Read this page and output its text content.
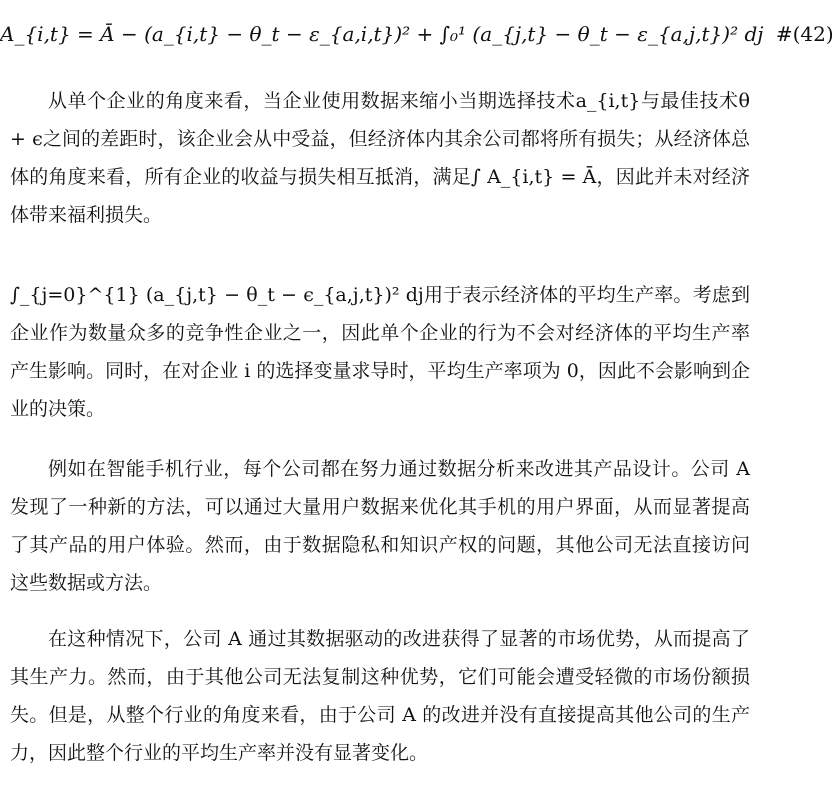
A_{i,t} = Ā − (a_{i,t} − θ_t − ε_{a,i,t})² + ∫₀¹ (a_{j,t} − θ_t − ε_{a,j,t})² dj #(42)

从单个企业的角度来看，当企业使用数据来缩小当期选择技术a_{i,t}与最佳技术θ + ϵ之间的差距时，该企业会从中受益，但经济体内其余公司都将所有损失；从经济体总体的角度来看，所有企业的收益与损失相互抵消，满足∫ A_{i,t} = Ā，因此并未对经济体带来福利损失。

∫_{j=0}^{1} (a_{j,t} − θ_t − ϵ_{a,j,t})² dj用于表示经济体的平均生产率。考虑到企业作为数量众多的竞争性企业之一，因此单个企业的行为不会对经济体的平均生产率产生影响。同时，在对企业 i 的选择变量求导时，平均生产率项为 0，因此不会影响到企业的决策。

例如在智能手机行业，每个公司都在努力通过数据分析来改进其产品设计。公司 A 发现了一种新的方法，可以通过大量用户数据来优化其手机的用户界面，从而显著提高了其产品的用户体验。然而，由于数据隐私和知识产权的问题，其他公司无法直接访问这些数据或方法。

在这种情况下，公司 A 通过其数据驱动的改进获得了显著的市场优势，从而提高了其生产力。然而，由于其他公司无法复制这种优势，它们可能会遭受轻微的市场份额损失。但是，从整个行业的角度来看，由于公司 A 的改进并没有直接提高其他公司的生产力，因此整个行业的平均生产率并没有显著变化。
